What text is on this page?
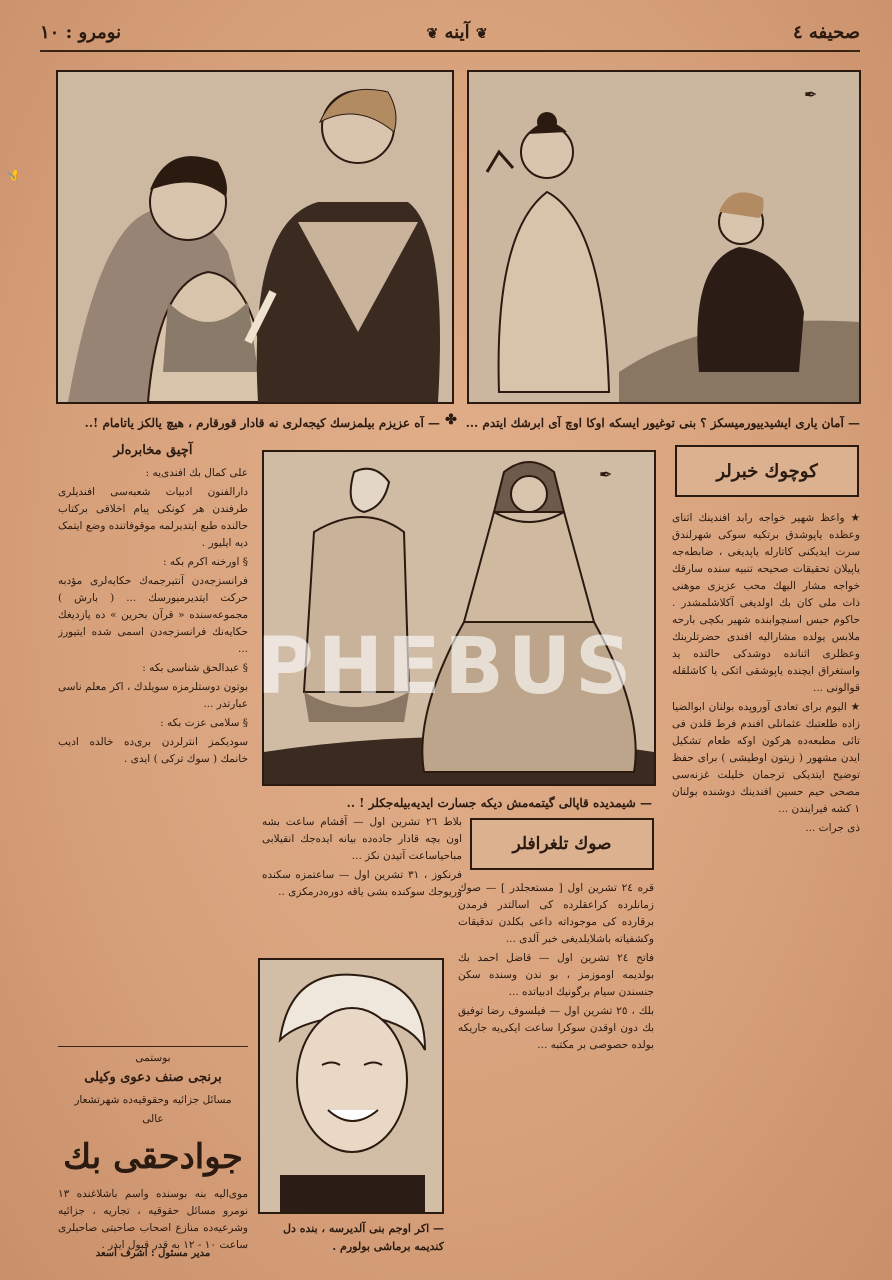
صحیفه ٤
❦ آینه ❦
نومرو : ١٠
✒
— آمان یاری ایشیدییورمیسکز ؟ بنی توغیور ایسکه اوکا اوچ آی ابرشك ایتدم ...
— آه عزیزم بیلمزسك کیجه‌لری نه قادار قورقارم ، هیچ یالکز یاتامام !.. ✤
کوچوك خبرلر

★ واعظ شهیر خواجه رابد افندینك اثنای وعظده یاپوشدق برتکیه سوکی شهرلندق سرت ایدیکنی کاتارله یاپدیغی ، ضابطه‌جه یاپیلان تحقیقات صحیحه تنبیه سنده سارقك خواجه مشار الیهك محب عزیزی موهنی ذات ملی کان بك اولدیغی آکلاشلمشدر . حاکوم حبس اسنچوابنده شهیر بکچی بارحه ملابس یولده مشارالیه افندی حضرتلرینك وعظلری اثنانده دوشدکی حالتده ید واستغراق ایچنده یاپوشقی اتکی یا کاشلقله قوالونی ...

★ الیوم برای تعادی آوروپده بولنان ابوالضیا زاده طلعتبك عثمانلی افندم فرط قلدن فی تائی مطبعه‌ده هرکون اوکه طعام تشکیل ایدن مشهور ( زیتون اوطیشی ) برای حفظ توضیح ایتدیکی ترجمان خلیلت غزنه‌سی مصحی حیم حسین افندینك دوشنده بولنان ١ کشه فیرایندن ...

ذی جرات ...

✒
— شیمدیده قاپالی گیتمه‌مش دیکه جسارت ایدیه‌بیله‌جکلر ! ..

بلاط ٢٦ تشرین اول — آقشام ساعت بشه اون بچه قادار جاده‌ده بیانه ایده‌جك انقیلابی مباحیاساعت آتیدن نکز ...

فرنکوز ، ٣١ تشرین اول — ساعتمزه سکنده وریوجك سوکنده بشی یاقه دوره‌درمکزی ..

صوك تلغرافلر

قره ٢٤ تشرین اول [ مستعجلدر ] — صوك زمانلرده کراعقلرده کی اسالتدر فرمدن برقارده کی موجوداته داعی بکلدن تدقیقات وکشفیاته باشلایلدیغی خبر آلدی ...

فاتح ٢٤ تشرین اول — قاضل احمد بك بولدیمه اوموزمز ، بو ندن وسنده سکن جنسندن سیام برگونیك ادبیاتده ...

بلك ، ٢٥ تشرین اول — فیلسوف رضا توفیق بك دون اوقدن سوکرا ساعت ایکی‌یه جاریکه بولده حصوصی بر مکتبه ...

— اکر اوجم بنی آلدیرسه ، بنده دل کندیمه برماشی بولورم .
آچیق مخابره‌لر

علی کمال بك افندی‌یه :

دارالفنون ادبیات شعبه‌سی افندیلری طرفندن هر کونکی پیام اخلاقی برکتاب حالنده طبع ایتدیرلمه موقوفاتنده وضع ایتمک دیه ایلیور .

§ اورخنه اکرم بکه :

فرانسزجه‌دن آنتیرجمه‌ك حکایه‌لری مؤدبه حرکت ایتدیرمیورسك ... ( بارش ) مجموعه‌سنده « قرآن بحرین » ده یازدیغك حکایه‌نك فرانسزجه‌دن اسمی شده ایتیورز ...

§ عبدالحق شناسی بکه :

بوتون دوستلرمزه سویلدك ، اکر معلم ناسی عبارتدر ...

§ سلامی عزت بکه :

سودیکمز انترلردن بری‌ده خالده ادیب خانمك ( سوك ترکی ) ایدی .

بوستمی

برنجی صنف دعوی وکیلی

مسائل جزائیه وحقوقیه‌ده شهرتشعار

عالی

جوادحقی بك

موی‌الیه بنه بوسنده واسم باشلاغنده ١٣ نومرو مسائل حقوقیه ، تجاریه ، جزائیه وشرعیه‌ده منازع اصحاب صاحبتی صاحبلری ساعت ١٠ - ١٢ به قدر قبول ایدر .

مدیر مسئول : اشرف اسعد
✍
PHEBUS
